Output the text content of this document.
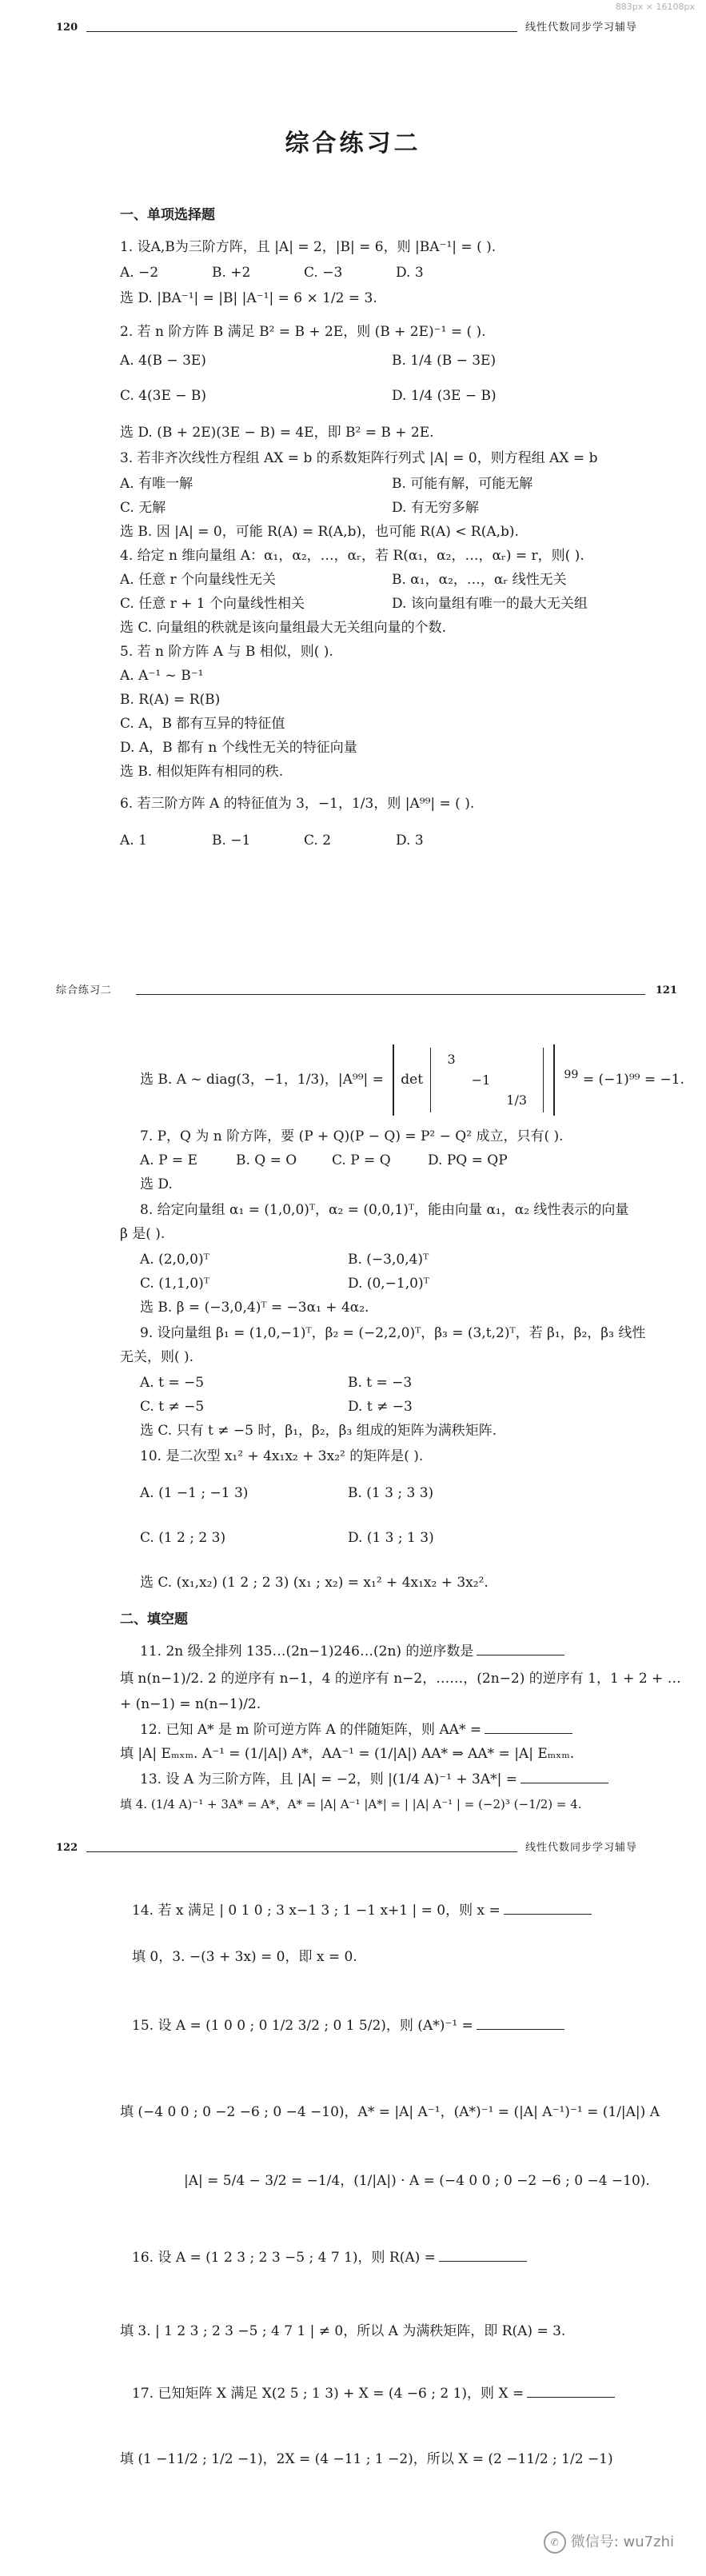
883px × 16108px
120	线性代数同步学习辅导
综合练习二
一、单项选择题
1. 设A,B为三阶方阵，且 |A| = 2，|B| = 6，则 |BA⁻¹| = ( ).
A. −2	B. +2	C. −3	D. 3
选 D. |BA⁻¹| = |B| |A⁻¹| = 6 × 1/2 = 3.
2. 若 n 阶方阵 B 满足 B² = B + 2E，则 (B + 2E)⁻¹ = ( ).
A. 4(B − 3E)	B. 1/4 (B − 3E)
C. 4(3E − B)	D. 1/4 (3E − B)
选 D. (B + 2E)(3E − B) = 4E，即 B² = B + 2E.
3. 若非齐次线性方程组 AX = b 的系数矩阵行列式 |A| = 0，则方程组 AX = b
A. 有唯一解	B. 可能有解，可能无解
C. 无解	D. 有无穷多解
选 B. 因 |A| = 0，可能 R(A) = R(A,b)，也可能 R(A) < R(A,b).
4. 给定 n 维向量组 A：α₁，α₂，…，αᵣ，若 R(α₁，α₂，…，αᵣ) = r，则( ).
A. 任意 r 个向量线性无关	B. α₁，α₂，…，αᵣ 线性无关
C. 任意 r + 1 个向量线性相关	D. 该向量组有唯一的最大无关组
选 C. 向量组的秩就是该向量组最大无关组向量的个数.
5. 若 n 阶方阵 A 与 B 相似，则( ).
A. A⁻¹ ~ B⁻¹
B. R(A) = R(B)
C. A，B 都有互异的特征值
D. A，B 都有 n 个线性无关的特征向量
选 B. 相似矩阵有相同的秩.
6. 若三阶方阵 A 的特征值为 3，−1，1/3，则 |A⁹⁹| = ( ).
A. 1	B. −1	C. 2	D. 3
综合练习二	121
选 B. A ~ diag(3，−1，1/3)，|A⁹⁹| = det
3		
	−1	
		1/3
$^{99}$ = (−1)⁹⁹ = −1.
7. P，Q 为 n 阶方阵，要 (P + Q)(P − Q) = P² − Q² 成立，只有( ).
A. P = E	B. Q = O	C. P = Q	D. PQ = QP
选 D.
8. 给定向量组 α₁ = (1,0,0)ᵀ，α₂ = (0,0,1)ᵀ，能由向量 α₁，α₂ 线性表示的向量
β 是( ).
A. (2,0,0)ᵀ	B. (−3,0,4)ᵀ
C. (1,1,0)ᵀ	D. (0,−1,0)ᵀ
选 B. β = (−3,0,4)ᵀ = −3α₁ + 4α₂.
9. 设向量组 β₁ = (1,0,−1)ᵀ，β₂ = (−2,2,0)ᵀ，β₃ = (3,t,2)ᵀ，若 β₁，β₂，β₃ 线性
无关，则( ).
A. t = −5	B. t = −3
C. t ≠ −5	D. t ≠ −3
选 C. 只有 t ≠ −5 时，β₁，β₂，β₃ 组成的矩阵为满秩矩阵.
10. 是二次型 x₁² + 4x₁x₂ + 3x₂² 的矩阵是( ).
A. (1 −1 ; −1 3)	B. (1 3 ; 3 3)
C. (1 2 ; 2 3)	D. (1 3 ; 1 3)
选 C. (x₁,x₂) (1 2 ; 2 3) (x₁ ; x₂) = x₁² + 4x₁x₂ + 3x₂².
二、填空题
11. 2n 级全排列 135…(2n−1)246…(2n) 的逆序数是
填 n(n−1)/2. 2 的逆序有 n−1，4 的逆序有 n−2，……，(2n−2) 的逆序有 1，1 + 2 + …
+ (n−1) = n(n−1)/2.
12. 已知 A* 是 m 阶可逆方阵 A 的伴随矩阵，则 AA* =
填 |A| Eₘₓₘ. A⁻¹ = (1/|A|) A*，AA⁻¹ = (1/|A|) AA* ⇒ AA* = |A| Eₘₓₘ.
13. 设 A 为三阶方阵，且 |A| = −2，则 |(1/4 A)⁻¹ + 3A*| =
填 4. (1/4 A)⁻¹ + 3A* = A*，A* = |A| A⁻¹ |A*| = | |A| A⁻¹ | = (−2)³ (−1/2) = 4.
122	线性代数同步学习辅导
14. 若 x 满足 | 0 1 0 ; 3 x−1 3 ; 1 −1 x+1 | = 0，则 x =
填 0，3. −(3 + 3x) = 0，即 x = 0.
15. 设 A = (1 0 0 ; 0 1/2 3/2 ; 0 1 5/2)，则 (A*)⁻¹ =
填 (−4 0 0 ; 0 −2 −6 ; 0 −4 −10)，A* = |A| A⁻¹，(A*)⁻¹ = (|A| A⁻¹)⁻¹ = (1/|A|) A
|A| = 5/4 − 3/2 = −1/4，(1/|A|) · A = (−4 0 0 ; 0 −2 −6 ; 0 −4 −10).
16. 设 A = (1 2 3 ; 2 3 −5 ; 4 7 1)，则 R(A) =
填 3. | 1 2 3 ; 2 3 −5 ; 4 7 1 | ≠ 0，所以 A 为满秩矩阵，即 R(A) = 3.
17. 已知矩阵 X 满足 X(2 5 ; 1 3) + X = (4 −6 ; 2 1)，则 X =
填 (1 −11/2 ; 1/2 −1)，2X = (4 −11 ; 1 −2)，所以 X = (2 −11/2 ; 1/2 −1)
✆ 微信号: wu7zhi
